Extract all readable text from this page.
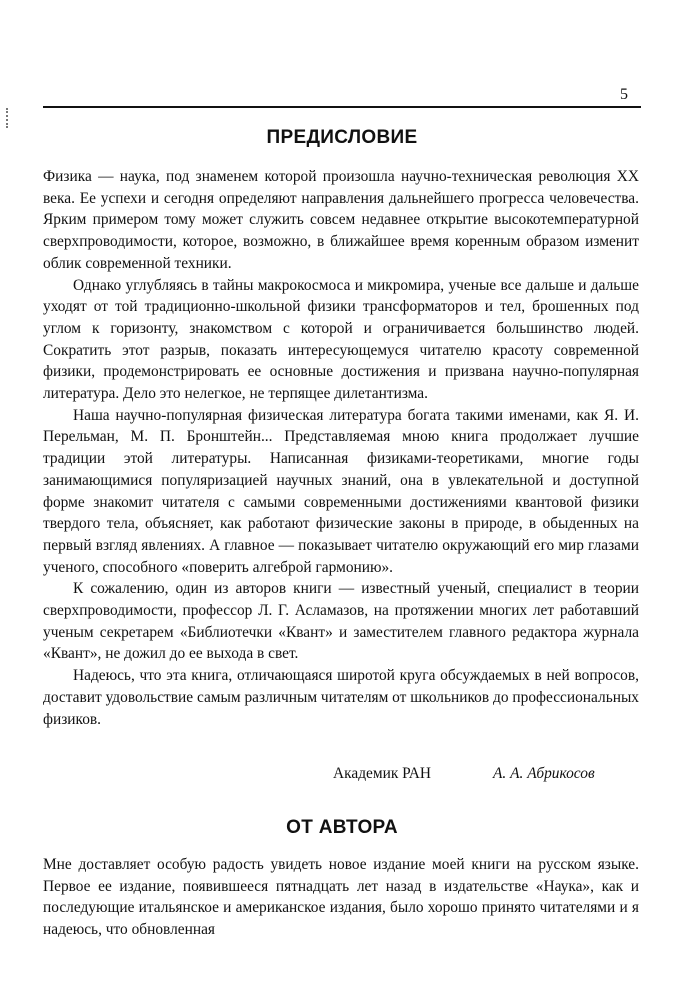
5
ПРЕДИСЛОВИЕ

Физика — наука, под знаменем которой произошла научно-техническая революция XX века. Ее успехи и сегодня определяют направления дальнейшего прогресса человечества. Ярким примером тому может служить совсем недавнее открытие высокотемпературной сверхпроводимости, которое, возможно, в ближайшее время коренным образом изменит облик современной техники.

Однако углубляясь в тайны макрокосмоса и микромира, ученые все дальше и дальше уходят от той традиционно-школьной физики трансформаторов и тел, брошенных под углом к горизонту, знакомством с которой и ограничивается большинство людей. Сократить этот разрыв, показать интересующемуся читателю красоту современной физики, продемонстрировать ее основные достижения и призвана научно-популярная литература. Дело это нелегкое, не терпящее дилетантизма.

Наша научно-популярная физическая литература богата такими именами, как Я. И. Перельман, М. П. Бронштейн... Представляемая мною книга продолжает лучшие традиции этой литературы. Написанная физиками-теоретиками, многие годы занимающимися популяризацией научных знаний, она в увлекательной и доступной форме знакомит читателя с самыми современными достижениями квантовой физики твердого тела, объясняет, как работают физические законы в природе, в обыденных на первый взгляд явлениях. А главное — показывает читателю окружающий его мир глазами ученого, способного «поверить алгеброй гармонию».

К сожалению, один из авторов книги — известный ученый, специалист в теории сверхпроводимости, профессор Л. Г. Асламазов, на протяжении многих лет работавший ученым секретарем «Библиотечки «Квант» и заместителем главного редактора журнала «Квант», не дожил до ее выхода в свет.

Надеюсь, что эта книга, отличающаяся широтой круга обсуждаемых в ней вопросов, доставит удовольствие самым различным читателям от школьников до профессиональных физиков.

Академик РАН	А. А. Абрикосов
ОТ АВТОРА

Мне доставляет особую радость увидеть новое издание моей книги на русском языке. Первое ее издание, появившееся пятнадцать лет назад в издательстве «Наука», как и последующие итальянское и американское издания, было хорошо принято читателями и я надеюсь, что обновленная
